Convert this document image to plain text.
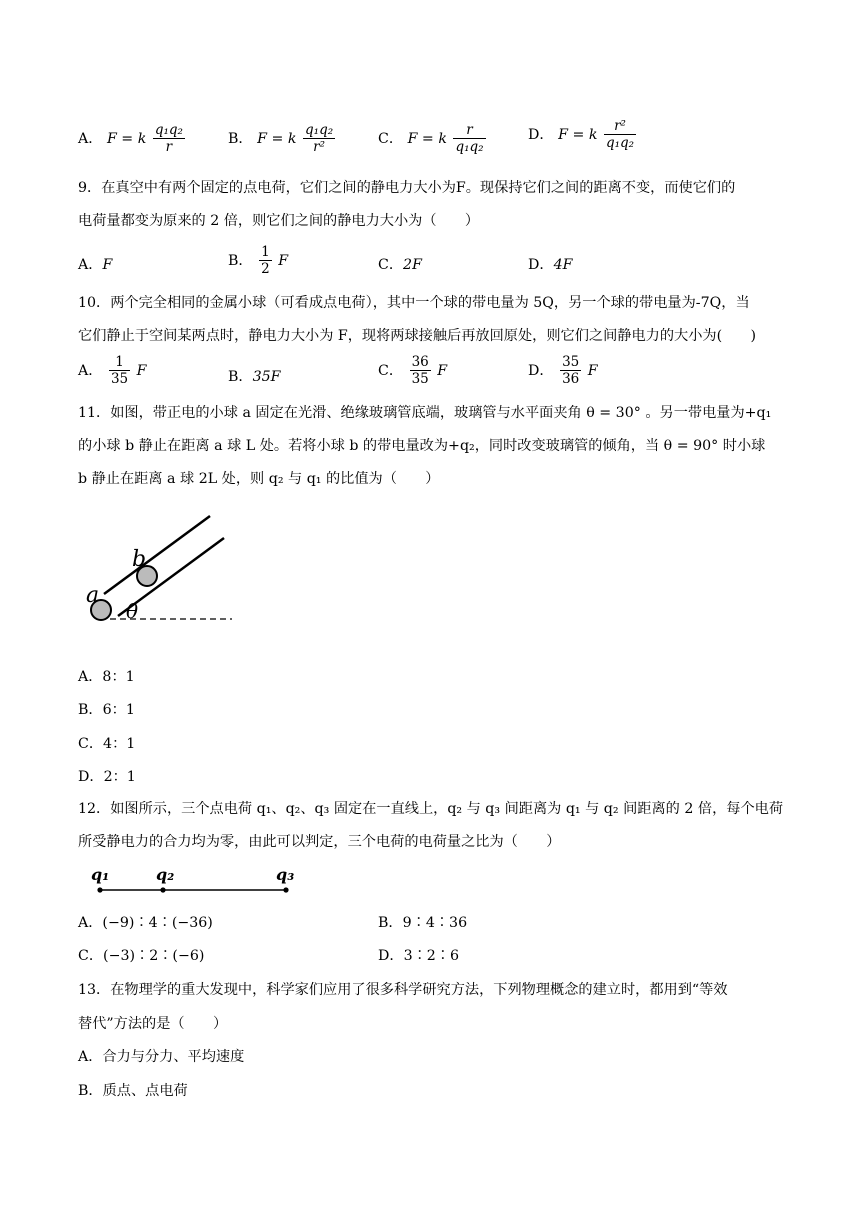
A． F = k $\frac{\text{q₁q₂}}{r}$	B． F = k $\frac{\text{q₁q₂}}{\text{r²}}$	C． F = k $\frac{r}{\text{q₁q₂}}$	D． F = k $\frac{\text{r²}}{\text{q₁q₂}}$
9．在真空中有两个固定的点电荷，它们之间的静电力大小为F。现保持它们之间的距离不变，而使它们的
电荷量都变为原来的 2 倍，则它们之间的静电力大小为（　　）
A．F	B． $\frac{1}{2}$ F	C．2F	D．4F
10．两个完全相同的金属小球（可看成点电荷），其中一个球的带电量为 5Q，另一个球的带电量为-7Q，当
它们静止于空间某两点时，静电力大小为 F，现将两球接触后再放回原处，则它们之间静电力的大小为(　　)
A． $\frac{1}{35}$ F	B．35F	C． $\frac{36}{35}$ F	D． $\frac{35}{36}$ F
11．如图，带正电的小球 a 固定在光滑、绝缘玻璃管底端，玻璃管与水平面夹角 θ = 30° 。另一带电量为+q₁
的小球 b 静止在距离 a 球 L 处。若将小球 b 的带电量改为+q₂，同时改变玻璃管的倾角，当 θ = 90° 时小球
b 静止在距离 a 球 2L 处，则 q₂ 与 q₁ 的比值为（　　）
a
b
θ
A．8：1
B．6：1
C．4：1
D．2：1
12．如图所示，三个点电荷 q₁、q₂、q₃ 固定在一直线上，q₂ 与 q₃ 间距离为 q₁ 与 q₂ 间距离的 2 倍，每个电荷
所受静电力的合力均为零，由此可以判定，三个电荷的电荷量之比为（　　）
q₁	q₂	q₃
A．(−9)∶4∶(−36)	B．9∶4∶36
C．(−3)∶2∶(−6)	D．3∶2∶6
13．在物理学的重大发现中，科学家们应用了很多科学研究方法，下列物理概念的建立时，都用到“等效
替代”方法的是（　　）
A．合力与分力、平均速度
B．质点、点电荷
